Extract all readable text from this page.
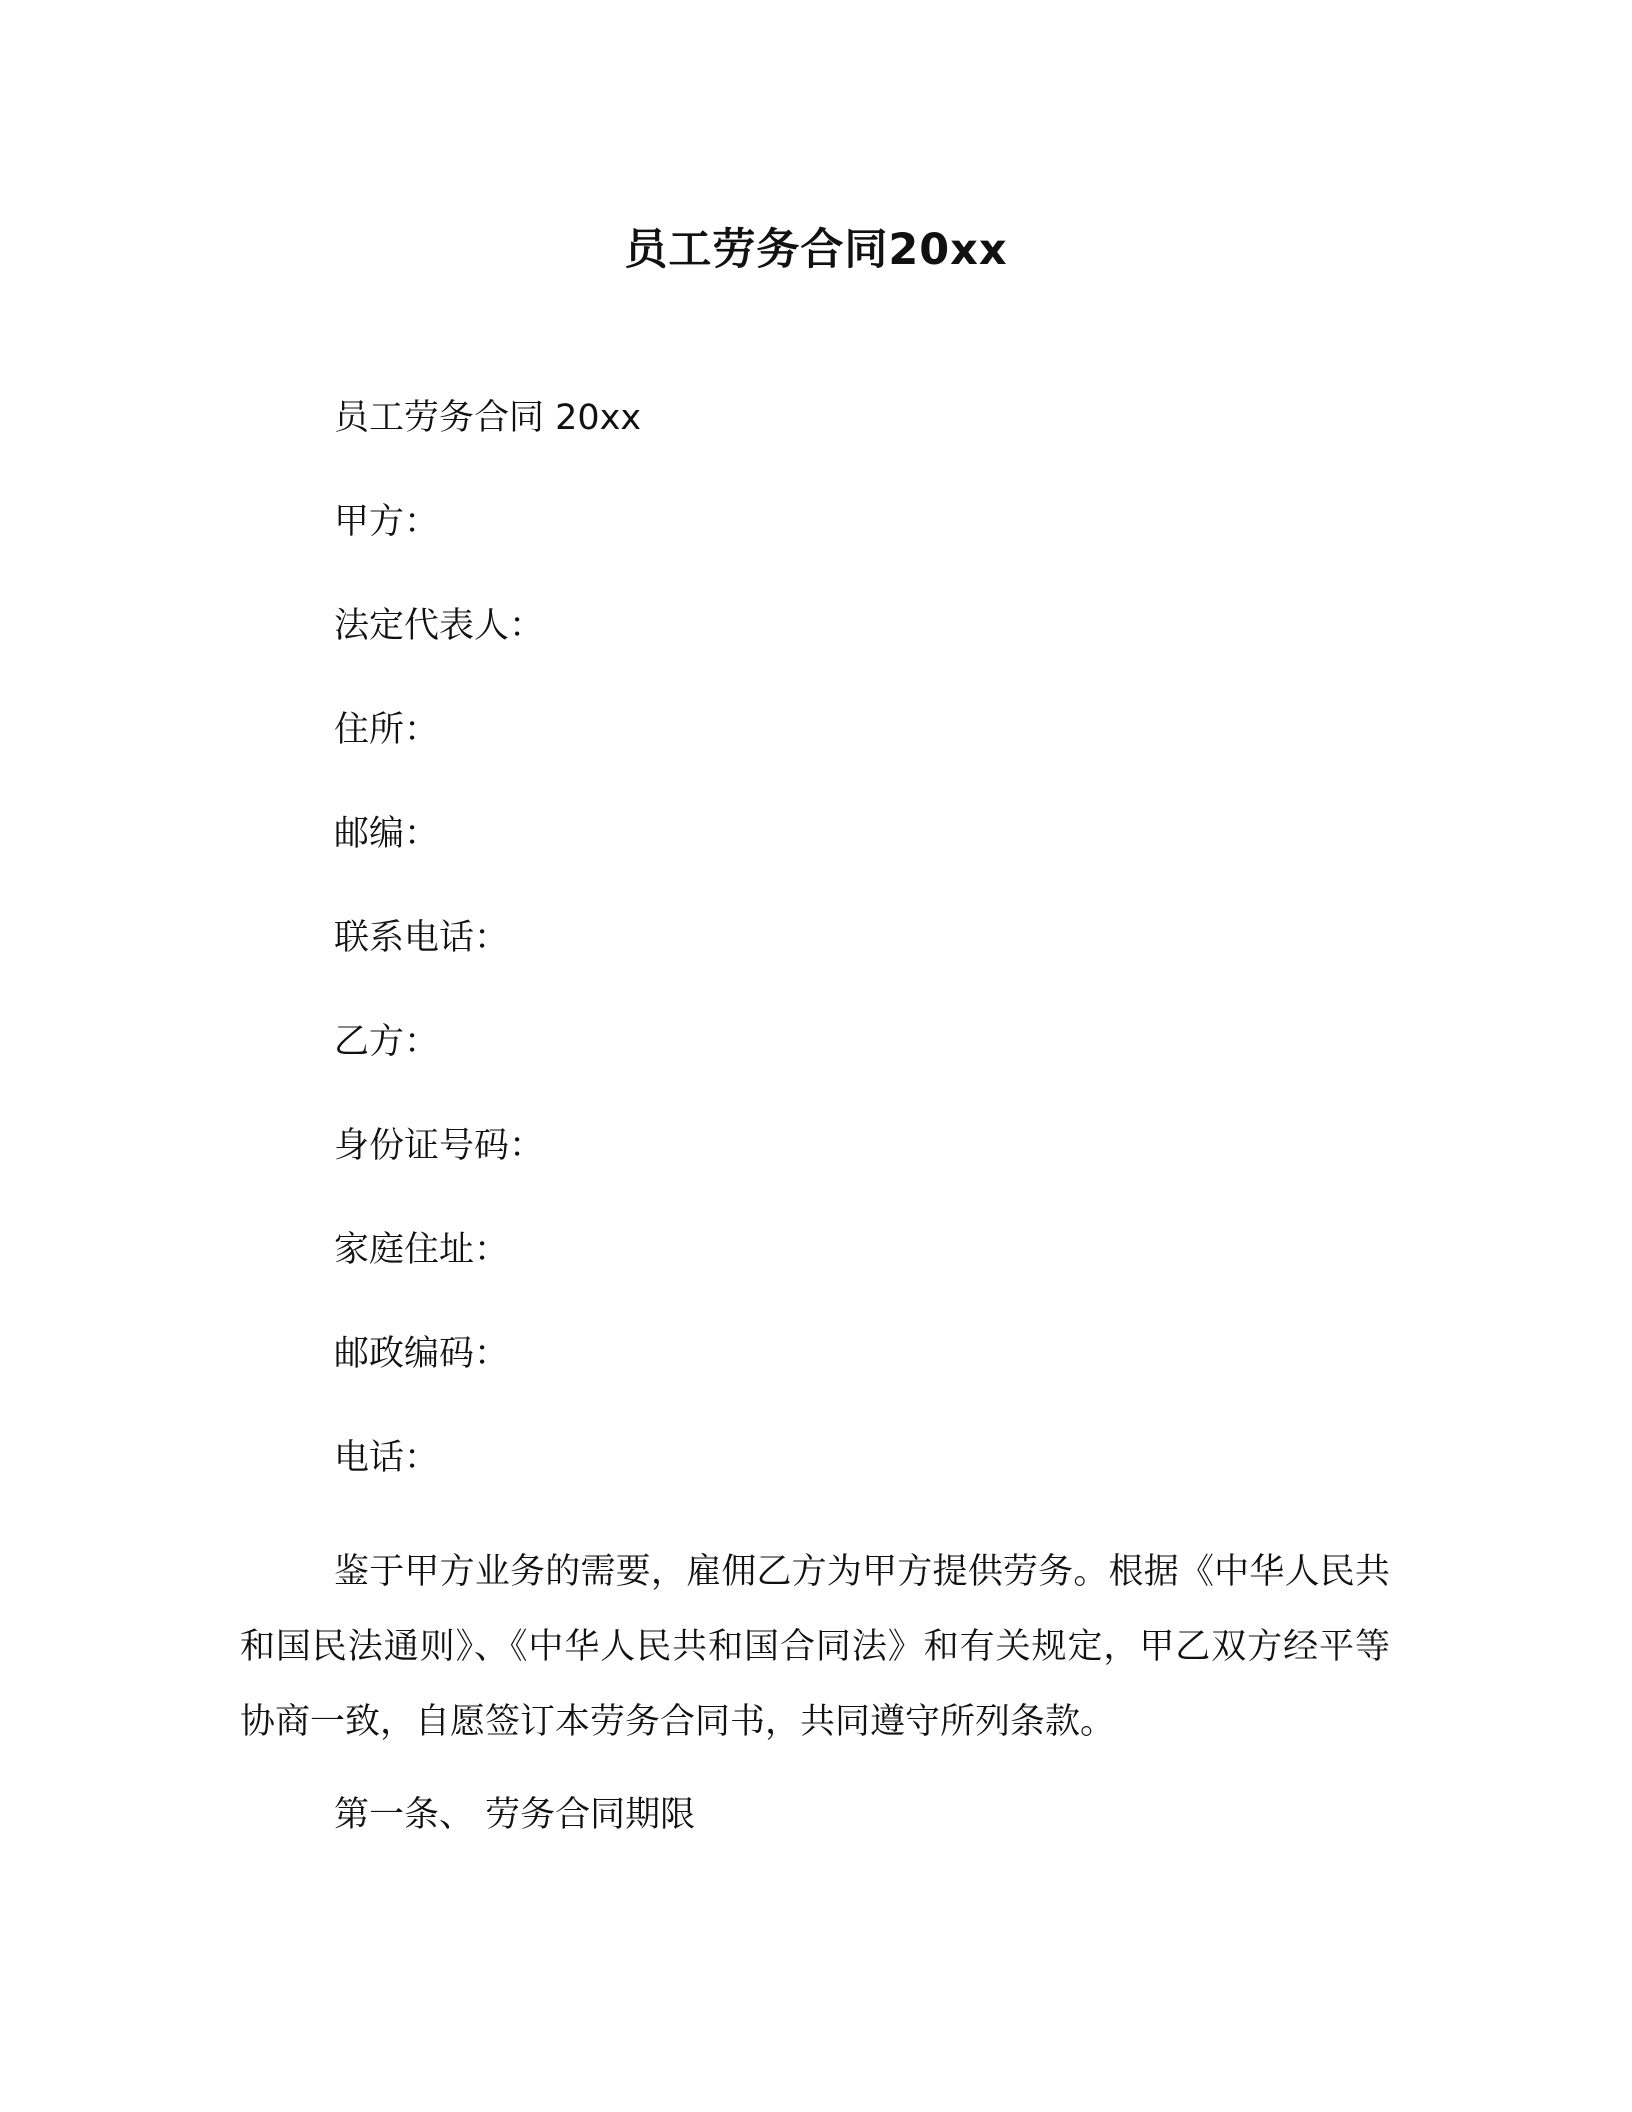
员工劳务合同20xx
员工劳务合同 20xx
甲方：
法定代表人：
住所：
邮编：
联系电话：
乙方：
身份证号码：
家庭住址：
邮政编码：
电话：

鉴于甲方业务的需要，雇佣乙方为甲方提供劳务。根据《中华人民共和国民法通则》、《中华人民共和国合同法》和有关规定，甲乙双方经平等协商一致，自愿签订本劳务合同书，共同遵守所列条款。

第一条、 劳务合同期限
